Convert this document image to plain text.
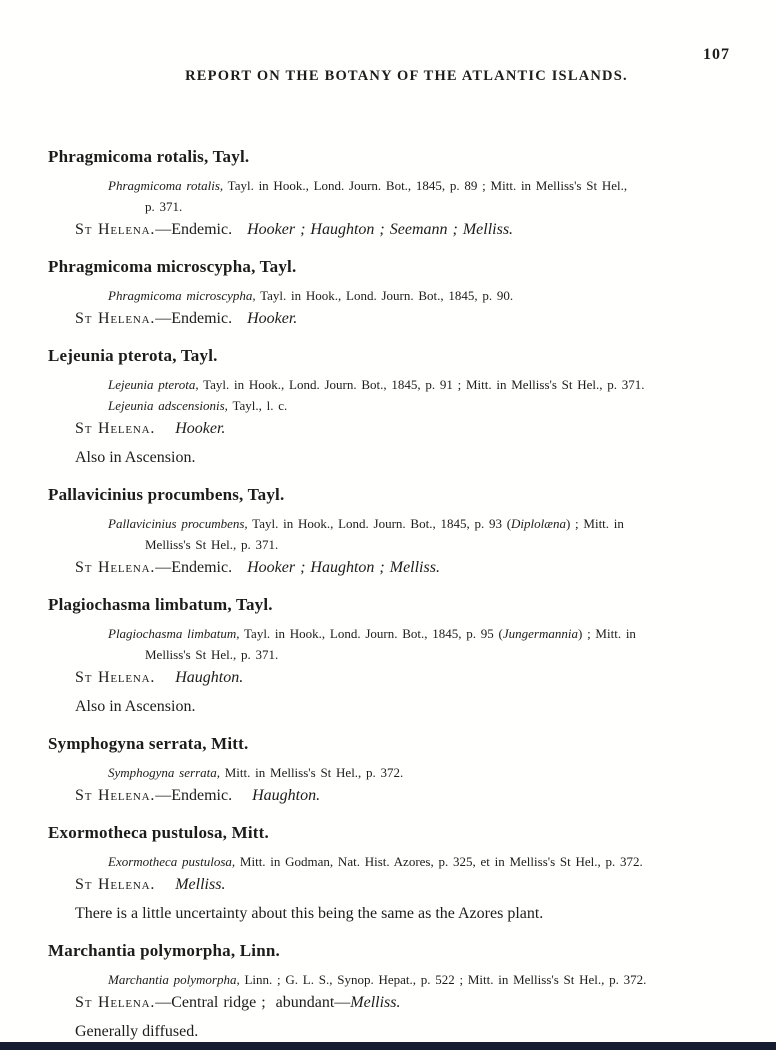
REPORT ON THE BOTANY OF THE ATLANTIC ISLANDS.

107

Phragmicoma rotalis, Tayl.
Phragmicoma rotalis, Tayl. in Hook., Lond. Journ. Bot., 1845, p. 89 ; Mitt. in Melliss's St Hel.,
p. 371.
St Helena.—Endemic.   Hooker ; Haughton ; Seemann ; Melliss.
Phragmicoma microscypha, Tayl.
Phragmicoma microscypha, Tayl. in Hook., Lond. Journ. Bot., 1845, p. 90.
St Helena.—Endemic.   Hooker.
Lejeunia pterota, Tayl.
Lejeunia pterota, Tayl. in Hook., Lond. Journ. Bot., 1845, p. 91 ; Mitt. in Melliss's St Hel., p. 371.
Lejeunia adscensionis, Tayl., l. c.
St Helena.    Hooker.
Also in Ascension.
Pallavicinius procumbens, Tayl.
Pallavicinius procumbens, Tayl. in Hook., Lond. Journ. Bot., 1845, p. 93 (Diplolæna) ; Mitt. in
Melliss's St Hel., p. 371.
St Helena.—Endemic.   Hooker ; Haughton ; Melliss.
Plagiochasma limbatum, Tayl.
Plagiochasma limbatum, Tayl. in Hook., Lond. Journ. Bot., 1845, p. 95 (Jungermannia) ; Mitt. in
Melliss's St Hel., p. 371.
St Helena.    Haughton.
Also in Ascension.
Symphogyna serrata, Mitt.
Symphogyna serrata, Mitt. in Melliss's St Hel., p. 372.
St Helena.—Endemic.    Haughton.
Exormotheca pustulosa, Mitt.
Exormotheca pustulosa, Mitt. in Godman, Nat. Hist. Azores, p. 325, et in Melliss's St Hel., p. 372.
St Helena.    Melliss.
There is a little uncertainty about this being the same as the Azores plant.
Marchantia polymorpha, Linn.
Marchantia polymorpha, Linn. ; G. L. S., Synop. Hepat., p. 522 ; Mitt. in Melliss's St Hel., p. 372.
St Helena.—Central ridge ;  abundant—Melliss.
Generally diffused.
